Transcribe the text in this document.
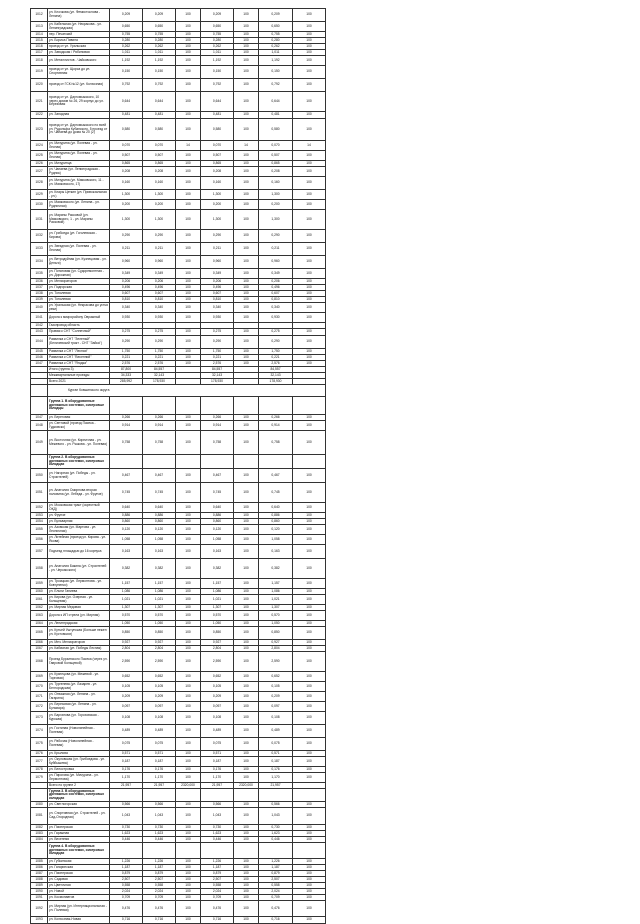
1012	ул. Клочкова (ул. Фемистоклова - Ленина)	0,209	0,209	100	0,209	100	0,209	100
1013	ул. Кабельная (ул. Некрасова - ул. Ленинградская)	0,650	0,650	100	0,650	100	0,650	100
1014	пер. Печатский	0,755	0,755	100	0,755	100	0,755	100
1015	ул. Бориса Пивина	0,280	0,280	100	0,280	100	0,280	100
1016	проезд от ул. Уральская	0,262	0,262	100	0,262	100	0,262	100
1017	ул. Заводская / Рябиновая	1,011	1,011	100	1,011	100	1,011	100
1018	ул. Металлистов - Чайковского	1,192	1,192	100	1,192	100	1,192	100
1019	проезд от ул. Щорса до ул. Спортивная	0,150	0,150	100	0,150	100	0,150	100
1020	проезд от ГСК №12 (ул. Колхозная)	0,792	0,792	100	0,792	100	0,792	100
1021	проезд от ул. Даргомыжского, 10 через домов № 26, 29 корпус до ул. Березовая	0,644	0,644	100	0,644	100	0,644	100
1022	ул. Западная	0,481	0,481	100	0,481	100	0,481	100
1023	проезд от ул. Даргомыжского по всей ул. Рудольфа Кубанского, 5 проезд от ул. Чапаева до дома № 20 (2)	0,580	0,580	100	0,580	100	0,580	100
1024	ул. Мичурина (ул. Полевая - ул. Лесная)	0,070	0,070	14	0,070	14	0,070	14
1025	ул. Мичурина (ул. Полевая - ул. Лесная)	0,507	0,507	100	0,507	100	0,507	100
1026	ул. Мичуринца	0,865	0,865	100	0,865	100	0,865	100
1027	ул. Чапаева (ул. Ленинградская - Рудник)	0,208	0,208	100	0,208	100	0,208	100
1028	ул. Мичурина (ул. Маяковского, 11 - ул. Маяковского, 17)	0,160	0,160	100	0,160	100	0,160	100
1029	ул. Клары Цеткин (ул. Привокзальная - ул.)	1,300	1,300	100	1,300	100	1,300	100
1030	ул. Маяковского (ул. Ленина - ул. Рудничная)	0,200	0,200	100	0,200	100	0,200	100
1031	ул. Марины Расковой (ул. Маяковского, 1 - ул. Марины Расковой)	1,300	1,300	100	1,300	100	1,300	100
1032	ул. Грибоеда (ул. Гоголевская - Кирова)	0,290	0,290	100	0,290	100	0,290	100
1033	ул. Звездная (ул. Полевая - ул. Лесная)	0,211	0,211	100	0,211	100	0,211	100
1034	ул. Ветродуйная (ул. Кузнецовая - ул. Деньги)	0,960	0,960	100	0,960	100	0,960	100
1035	ул. Потатовая (ул. Судоремонтная - ул. Дорожная)	0,349	0,349	100	0,349	100	0,349	100
1036	ул. Мелиораторов	0,206	0,206	100	0,206	100	0,206	100
1037	ул. Подгорская	0,496	0,496	100	0,496	100	0,496	100
1038	ул. Тополевая	0,607	0,607	100	0,607	100	0,607	100
1039	ул. Тополевая	0,810	0,810	100	0,810	100	0,810	100
1040	ул. Уральская (ул. Некрасова до устья реки)	0,340	0,340	100	0,340	100	0,340	100
1041	Дорога к микрорайону Овражный	0,930	0,930	100	0,930	100	0,930	100
1042	Газопровод область							
1043	Правая к СНТ "Солнечный"	0,275	0,275	100	0,275	100	0,275	100
1044	Развилка к СНТ "Зеленый" (Беличевский тракт - СНТ "Зайка")	0,290	0,290	100	0,290	100	0,290	100
1045	Развилка к СНТ "Лесная"	1,750	1,750	100	1,750	100	1,750	100
1046	Развилка к СНТ "Весенний"	0,221	0,221	100	0,221	100	0,221	100
1047	Развилка к СНТ "Ягодка"	2,576	2,576	100	2,576	100	2,576	100
	Итого (группа 3)	87,800	84,557		84,557		84,557	
	Межквартальные проезды	34,333	32,143		32,143		32,143	
	Всего 2021	285,992	178,930		178,930		178,930	
	Курган Ковшинского округа							
	Группа 1. В оборудованные дренажных системах, смотровые колодцы							
1047	ул. Береговая	0,266	0,266	100	0,266	100	0,266	100
1048	ул. Сентовой (проезд Пасека - Гудковско)	0,914	0,914	100	0,914	100	0,914	100
1049	ул. Восточная (ул. Кирпичная - ул. Межевого - ул. Рыжова - ул. Полевая)	0,758	0,758	100	0,758	100	0,758	100
	Группа 2. В оборудованных дренажных системах, смотровых колодцах							
1050	ул. Нагорная (ул. Победы - ул. Строителей)	0,467	0,467	100	0,467	100	0,467	100
1051	ул. Анатолия Смирнова вторая половина (ул. Лебеда - ул. Фрунзе)	0,745	0,745	100	0,745	100	0,745	100
1052	ул. Московская тракт (окрестный ОКД)	0,640	0,640	100	0,640	100	0,640	100
1053	ул. Фрунзе	0,886	0,886	100	0,886	100	0,886	100
1054	ул. Бульварная	0,860	0,860	100	0,860	100	0,860	100
1055	ул. Азовская (ул. Мартова - ул. Лесничная)	0,120	0,120	100	0,120	100	0,120	100
1056	ул. Литейная (проезд ул. Кирова - ул. Якова)	1,058	1,058	100	1,058	100	1,058	100
1057	Подъезд площадью до 16 корпуса	0,163	0,163	100	0,163	100	0,163	100
1058	ул. Анатолия Бакина (ул. Строителей - ул. Черкасского)	0,382	0,382	100	0,382	100	0,382	100
1059	ул. Троицкая (ул. Лермонтова - ул. Ковтуненко)	1,157	1,157	100	1,157	100	1,157	100
1060	ул. Ельни Ганиева	1,086	1,086	100	1,086	100	1,086	100
1061	ул. Кирова (ул. Озерная - ул. Кольцевая)	1,021	1,021	100	1,021	100	1,021	100
1062	ул. Мирная Медовая	1,307	1,307	100	1,307	100	1,307	100
1063	Дорога к ИП стрела (ул. Мирная)	0,570	0,570	100	0,570	100	0,570	100
1064	ул. Ленинградская	1,050	1,050	100	1,050	100	1,050	100
1065	ул. Кутьей Уштунская (Больше нежен ул. Кустовских)	0,850	0,850	100	0,850	100	0,850	100
1066	ул. Меч. Мелиораторов	0,927	0,927	100	0,927	100	0,927	100
1067	ул. Кабачная (ул. Победы Лесная)	2,804	2,804	100	2,804	100	2,804	100
1068	Проезд Бурзинского Пасека (через ул. Гавровой Кольцевой)	2,590	2,590	100	2,590	100	2,590	100
1069	ул. Кузнецова (ул. Межевой - ул. Торговая)	0,652	0,652	100	0,652	100	0,652	100
1070	ул. Тургенева (ул. Лазарев - ул. Белгородская)	0,105	0,105	100	0,105	100	0,105	100
1071	ул. Отважная (ул. Ленина - ул. Гагарина)	0,209	0,209	100	0,209	100	0,209	100
1072	ул. Березовая (ул. Ленина - ул. Бульвара)	0,097	0,097	100	0,097	100	0,097	100
1073	ул. Бархатова (ул. Гороховская - Курская)	0,108	0,108	100	0,108	100	0,108	100
1074	ул. Гостиная (Новолинейная - Полевая)	0,489	0,489	100	0,489	100	0,489	100
1075	ул. Рабочая (Новолинейная - Полевая)	0,075	0,075	100	0,075	100	0,075	100
1076	ул. Крылова	0,571	0,571	100	0,571	100	0,571	100
1077	ул. Окуловская (ул. Грибоедова - ул. Куйбышева)	0,187	0,187	100	0,187	100	0,187	100
1078	ул. Белостровка	0,176	0,176	100	0,176	100	0,176	100
1079	ул. Пирогова (ул. Мичурина - ул. Лермонтова)	1,170	1,170	100	1,170	100	1,170	100
	Всего по группе 2	21,957	21,957	2320,000	21,957	2320,000	21,957	
	Группа 3. В оборудованных дренажных системах, смотровых колодцах							
1080	ул. Светлогорская	0,566	0,566	100	0,566	100	0,566	100
1081	ул. Спортивная (ул. Строителей - ул. Сад-Огородная)	1,043	1,043	100	1,043	100	1,043	100
1082	ул. Пионерская	0,730	0,730	100	0,730	100	0,730	100
1083	ул. Гаражная	1,623	1,623	100	1,623	100	1,623	100
1084	ул. Весенняя	0,446	0,446	100	0,446	100	0,446	100
	Группа 4. В оборудованных дренажных системах, смотровых колодцах							
1085	ул. Губкинская	1,226	1,226	100	1,226	100	1,226	100
1086	ул. Гагаринская	1,187	1,187	100	1,187	100	1,187	100
1087	ул. Пионерская	0,879	0,879	100	0,879	100	0,879	100
1088	ул. Садовая	2,507	2,507	100	2,507	100	2,507	100
1089	ул. Цветочная	0,558	0,558	100	0,558	100	0,558	100
1090	ул. Новой	2,024	2,024	100	2,024	100	2,024	100
1091	ул. Космонавтов	0,709	0,709	100	0,709	100	0,709	100
1092	ул. Мирная (ул. Интернациональная - ул. Полевая)	0,476	0,476	100	0,476	100	0,476	100
1093	ул. Колхозная-Новая	0,716	0,716	100	0,716	100	0,716	100
